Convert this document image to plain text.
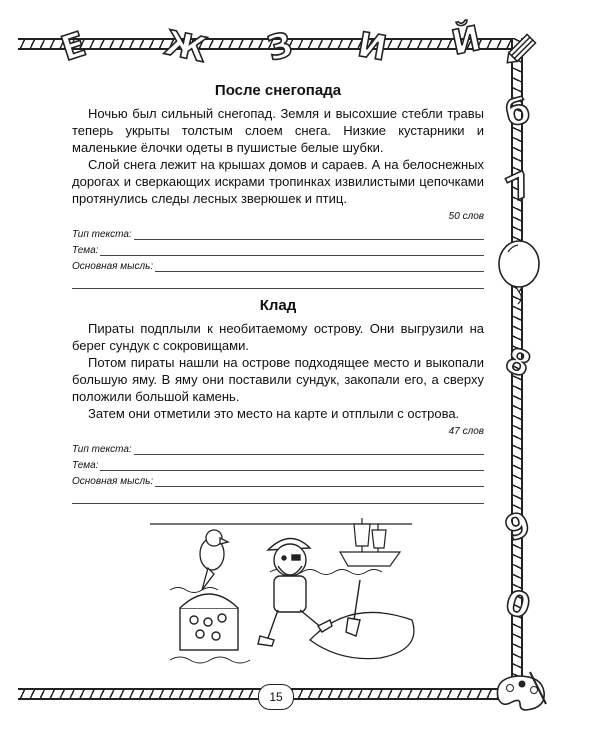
Е Ж З И Й
б
7
8
9
0
15
После снегопада

Ночью был сильный снегопад. Земля и высохшие стебли травы теперь укрыты толстым слоем снега. Низкие кустарники и маленькие ёлочки одеты в пушистые белые шубки.

Слой снега лежит на крышах домов и сараев. А на белоснежных дорогах и сверкающих искрами тропинках извилистыми цепочками протянулись следы лесных зверюшек и птиц.

50 слов
Тип текста:
Тема:
Основная мысль:
Клад

Пираты подплыли к необитаемому острову. Они выгрузили на берег сундук с сокровищами.

Потом пираты нашли на острове подходящее место и выкопали большую яму. В яму они поставили сундук, закопали его, а сверху положили большой камень.

Затем они отметили это место на карте и отплыли с острова.

47 слов
Тип текста:
Тема:
Основная мысль:
